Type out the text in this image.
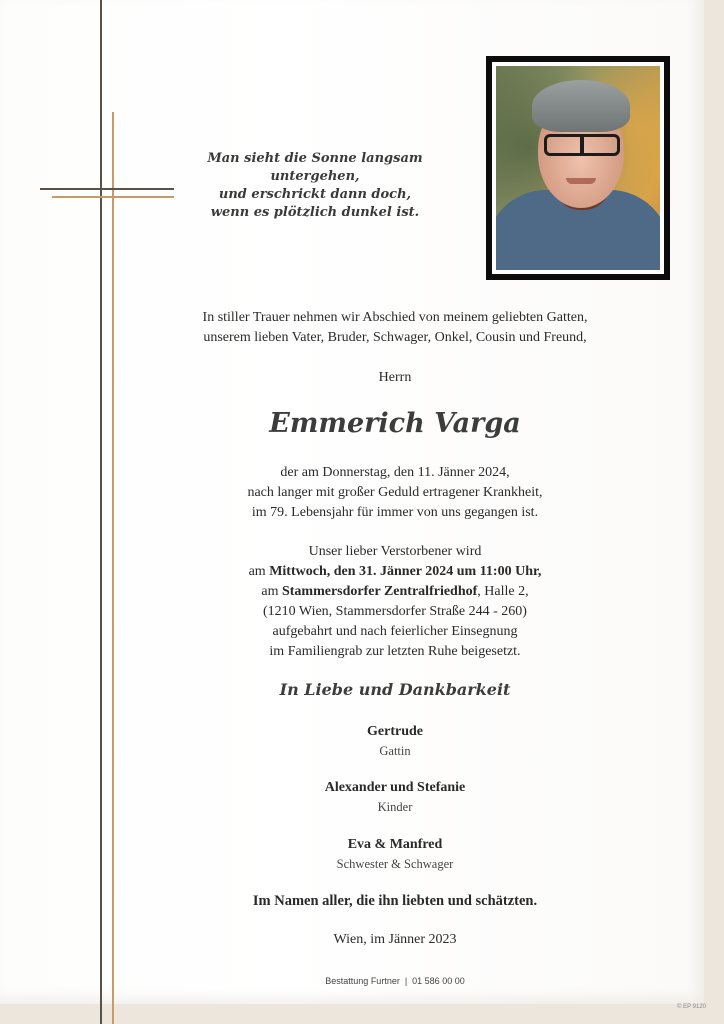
Man sieht die Sonne langsam
untergehen,
und erschrickt dann doch,
wenn es plötzlich dunkel ist.
In stiller Trauer nehmen wir Abschied von meinem geliebten Gatten,
unserem lieben Vater, Bruder, Schwager, Onkel, Cousin und Freund,
Herrn
Emmerich Varga
der am Donnerstag, den 11. Jänner 2024,
nach langer mit großer Geduld ertragener Krankheit,
im 79. Lebensjahr für immer von uns gegangen ist.
Unser lieber Verstorbener wird
am Mittwoch, den 31. Jänner 2024 um 11:00 Uhr,
am Stammersdorfer Zentralfriedhof, Halle 2,
(1210 Wien, Stammersdorfer Straße 244 - 260)
aufgebahrt und nach feierlicher Einsegnung
im Familiengrab zur letzten Ruhe beigesetzt.
In Liebe und Dankbarkeit
Gertrude
Gattin
Alexander und Stefanie
Kinder
Eva & Manfred
Schwester & Schwager
Im Namen aller, die ihn liebten und schätzten.
Wien, im Jänner 2023
Bestattung Furtner  |  01 586 00 00
© EP 9120
